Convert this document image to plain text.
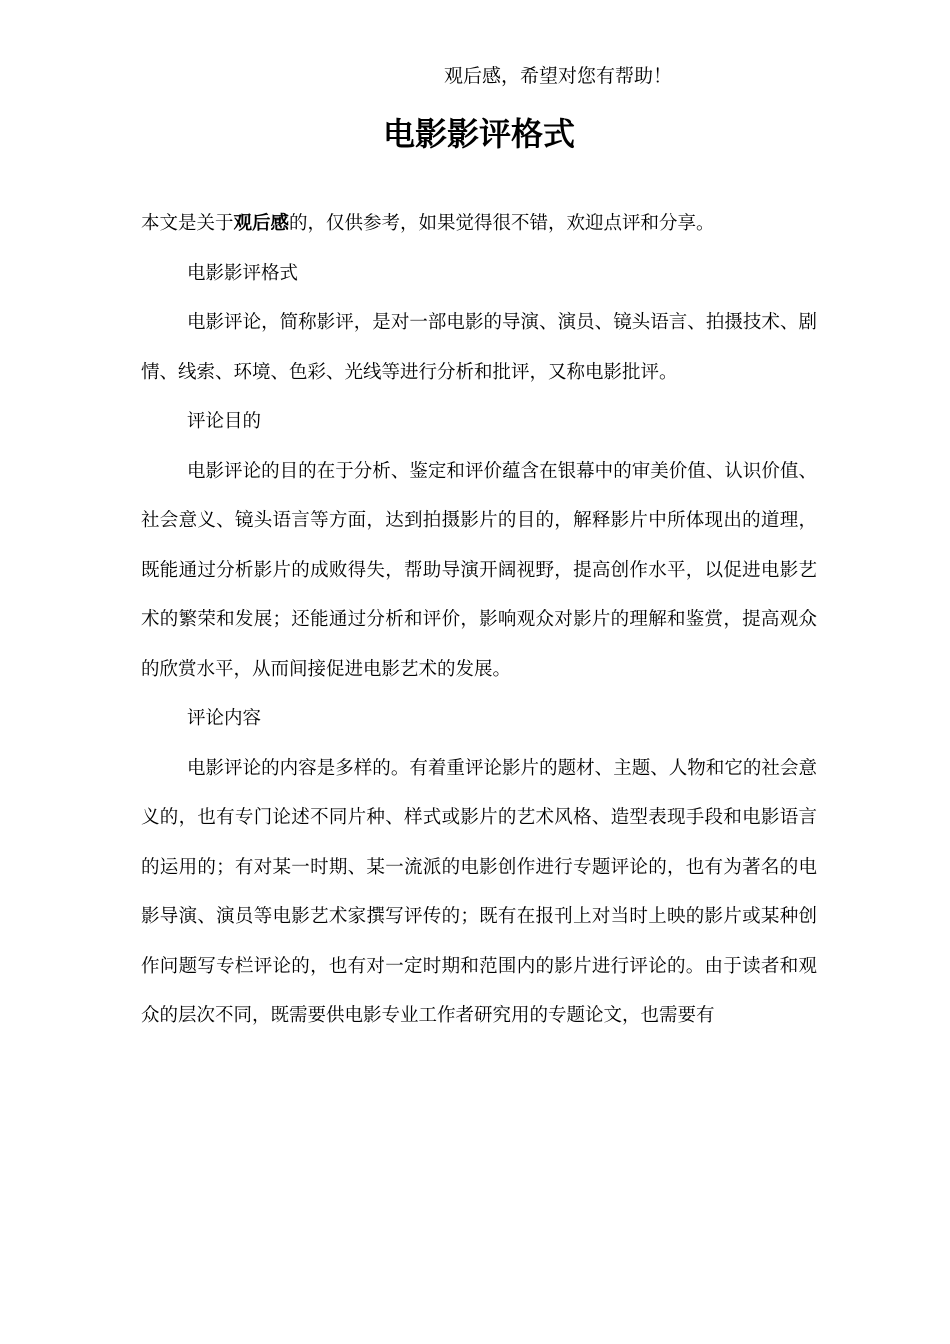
观后感，希望对您有帮助！
电影影评格式

本文是关于观后感的，仅供参考，如果觉得很不错，欢迎点评和分享。

电影影评格式

电影评论，简称影评，是对一部电影的导演、演员、镜头语言、拍摄技术、剧情、线索、环境、色彩、光线等进行分析和批评，又称电影批评。

评论目的

电影评论的目的在于分析、鉴定和评价蕴含在银幕中的审美价值、认识价值、社会意义、镜头语言等方面，达到拍摄影片的目的，解释影片中所体现出的道理，既能通过分析影片的成败得失，帮助导演开阔视野，提高创作水平，以促进电影艺术的繁荣和发展；还能通过分析和评价，影响观众对影片的理解和鉴赏，提高观众的欣赏水平，从而间接促进电影艺术的发展。

评论内容

电影评论的内容是多样的。有着重评论影片的题材、主题、人物和它的社会意义的，也有专门论述不同片种、样式或影片的艺术风格、造型表现手段和电影语言的运用的；有对某一时期、某一流派的电影创作进行专题评论的，也有为著名的电影导演、演员等电影艺术家撰写评传的；既有在报刊上对当时上映的影片或某种创作问题写专栏评论的，也有对一定时期和范围内的影片进行评论的。由于读者和观众的层次不同，既需要供电影专业工作者研究用的专题论文，也需要有
